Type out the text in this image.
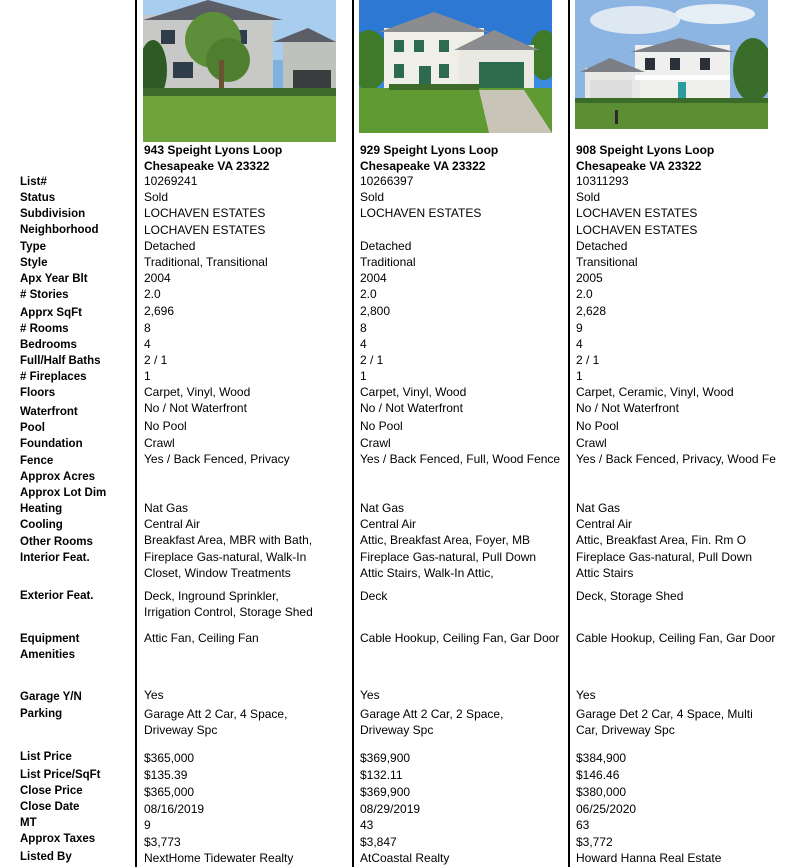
943 Speight Lyons Loop
Chesapeake VA 23322
929 Speight Lyons Loop
Chesapeake VA 23322
908 Speight Lyons Loop
Chesapeake VA 23322
List#
Status
Subdivision
Neighborhood
Type
Style
Apx Year Blt
# Stories
Apprx SqFt
# Rooms
Bedrooms
Full/Half Baths
# Fireplaces
Floors
Waterfront
Pool
Foundation
Fence
Approx Acres
Approx Lot Dim
Heating
Cooling
Other Rooms
Interior Feat.
Exterior Feat.
Equipment
Amenities
Garage Y/N
Parking
List Price
List Price/SqFt
Close Price
Close Date
MT
Approx Taxes
Listed By
10269241
Sold
LOCHAVEN ESTATES
LOCHAVEN ESTATES
Detached
Traditional, Transitional
2004
2.0
2,696
8
4
2 / 1
1
Carpet, Vinyl, Wood
No / Not Waterfront
No Pool
Crawl
Yes / Back Fenced, Privacy
Nat Gas
Central Air
Breakfast Area, MBR with Bath,
Fireplace Gas-natural, Walk-In
Closet, Window Treatments
Deck, Inground Sprinkler,
Irrigation Control, Storage Shed
Attic Fan, Ceiling Fan
Yes
Garage Att 2 Car, 4 Space,
Driveway Spc
$365,000
$135.39
$365,000
08/16/2019
9
$3,773
NextHome Tidewater Realty
10266397
Sold
LOCHAVEN ESTATES
Detached
Traditional
2004
2.0
2,800
8
4
2 / 1
1
Carpet, Vinyl, Wood
No / Not Waterfront
No Pool
Crawl
Yes / Back Fenced, Full, Wood Fence
Nat Gas
Central Air
Attic, Breakfast Area, Foyer, MB
Fireplace Gas-natural, Pull Down
Attic Stairs, Walk-In Attic,
Deck
Cable Hookup, Ceiling Fan, Gar Door
Yes
Garage Att 2 Car, 2 Space,
Driveway Spc
$369,900
$132.11
$369,900
08/29/2019
43
$3,847
AtCoastal Realty
10311293
Sold
LOCHAVEN ESTATES
LOCHAVEN ESTATES
Detached
Transitional
2005
2.0
2,628
9
4
2 / 1
1
Carpet, Ceramic, Vinyl, Wood
No / Not Waterfront
No Pool
Crawl
Yes / Back Fenced, Privacy, Wood Fe
Nat Gas
Central Air
Attic, Breakfast Area, Fin. Rm O
Fireplace Gas-natural, Pull Down
Attic Stairs
Deck, Storage Shed
Cable Hookup, Ceiling Fan, Gar Door
Yes
Garage Det 2 Car, 4 Space, Multi
Car, Driveway Spc
$384,900
$146.46
$380,000
06/25/2020
63
$3,772
Howard Hanna Real Estate
